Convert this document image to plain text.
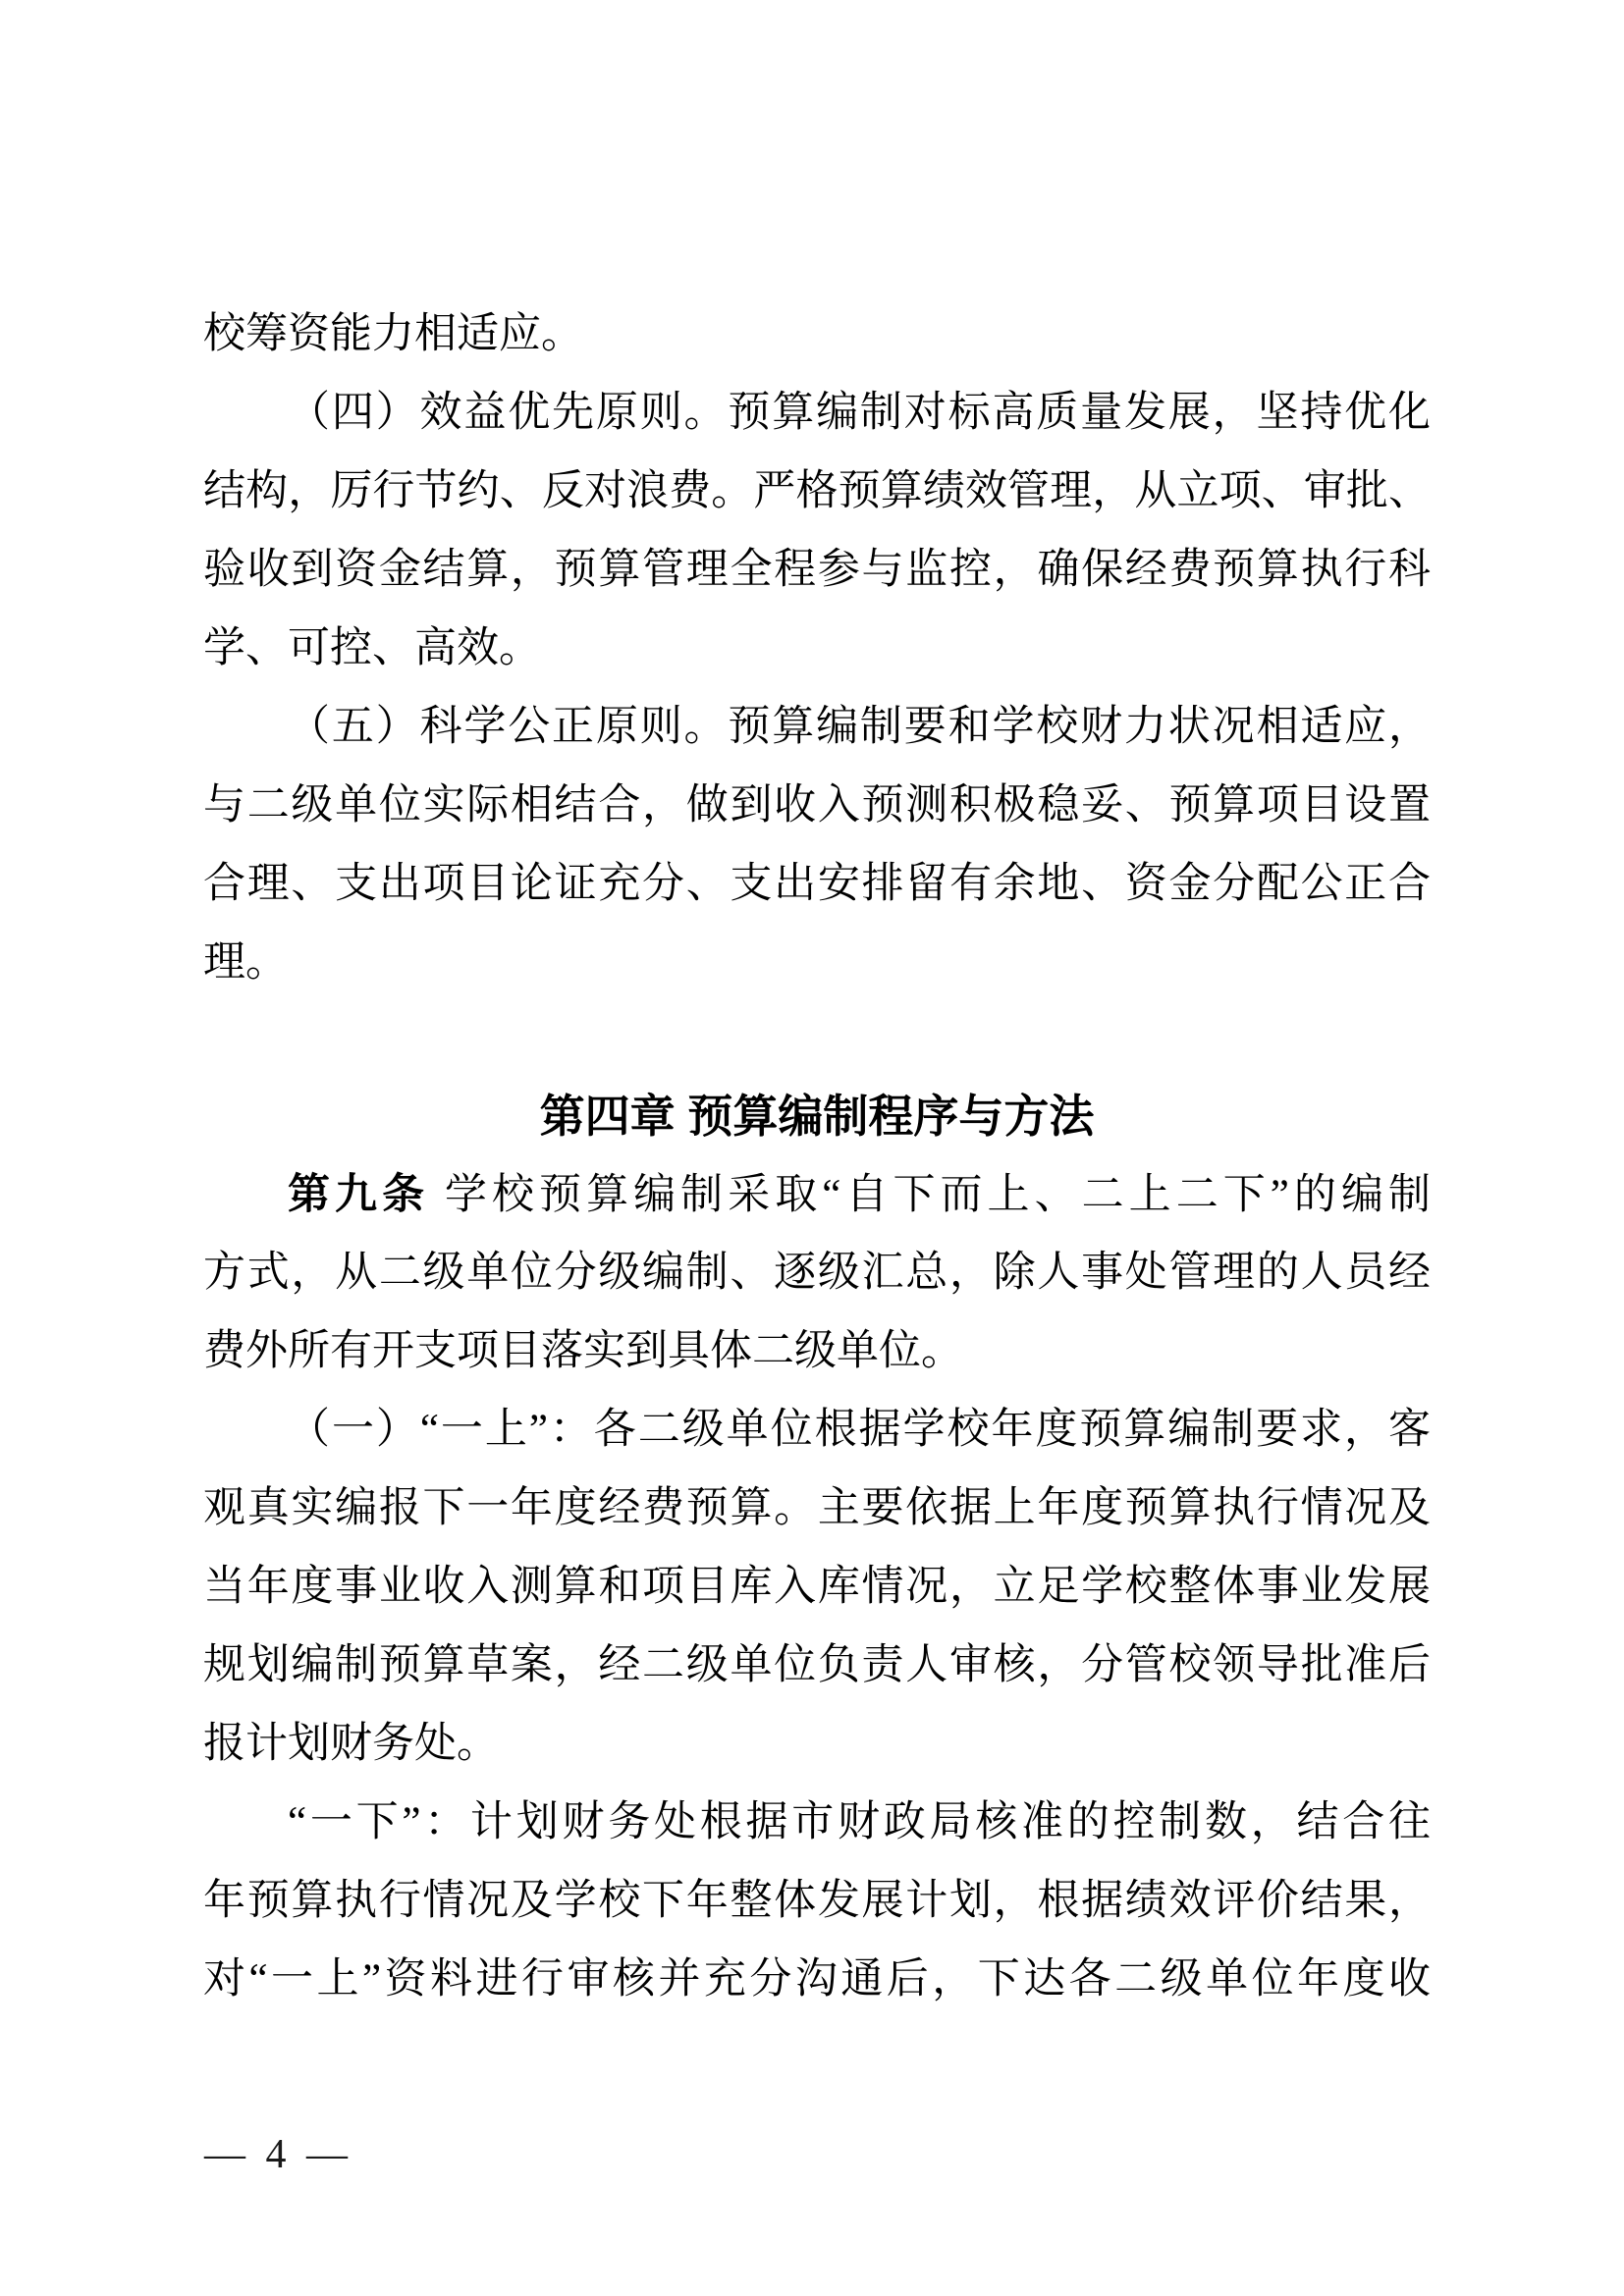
校筹资能力相适应。
（四）效益优先原则。预算编制对标高质量发展，坚持优化
结构，厉行节约、反对浪费。严格预算绩效管理，从立项、审批、
验收到资金结算，预算管理全程参与监控，确保经费预算执行科
学、可控、高效。
（五）科学公正原则。预算编制要和学校财力状况相适应，
与二级单位实际相结合，做到收入预测积极稳妥、预算项目设置
合理、支出项目论证充分、支出安排留有余地、资金分配公正合
理。
第四章 预算编制程序与方法
第九条 学校预算编制采取“自下而上、二上二下”的编制
方式，从二级单位分级编制、逐级汇总，除人事处管理的人员经
费外所有开支项目落实到具体二级单位。
（一）“一上”：各二级单位根据学校年度预算编制要求，客
观真实编报下一年度经费预算。主要依据上年度预算执行情况及
当年度事业收入测算和项目库入库情况，立足学校整体事业发展
规划编制预算草案，经二级单位负责人审核，分管校领导批准后
报计划财务处。
“一下”：计划财务处根据市财政局核准的控制数，结合往
年预算执行情况及学校下年整体发展计划，根据绩效评价结果，
对“一上”资料进行审核并充分沟通后，下达各二级单位年度收
— 4 —
